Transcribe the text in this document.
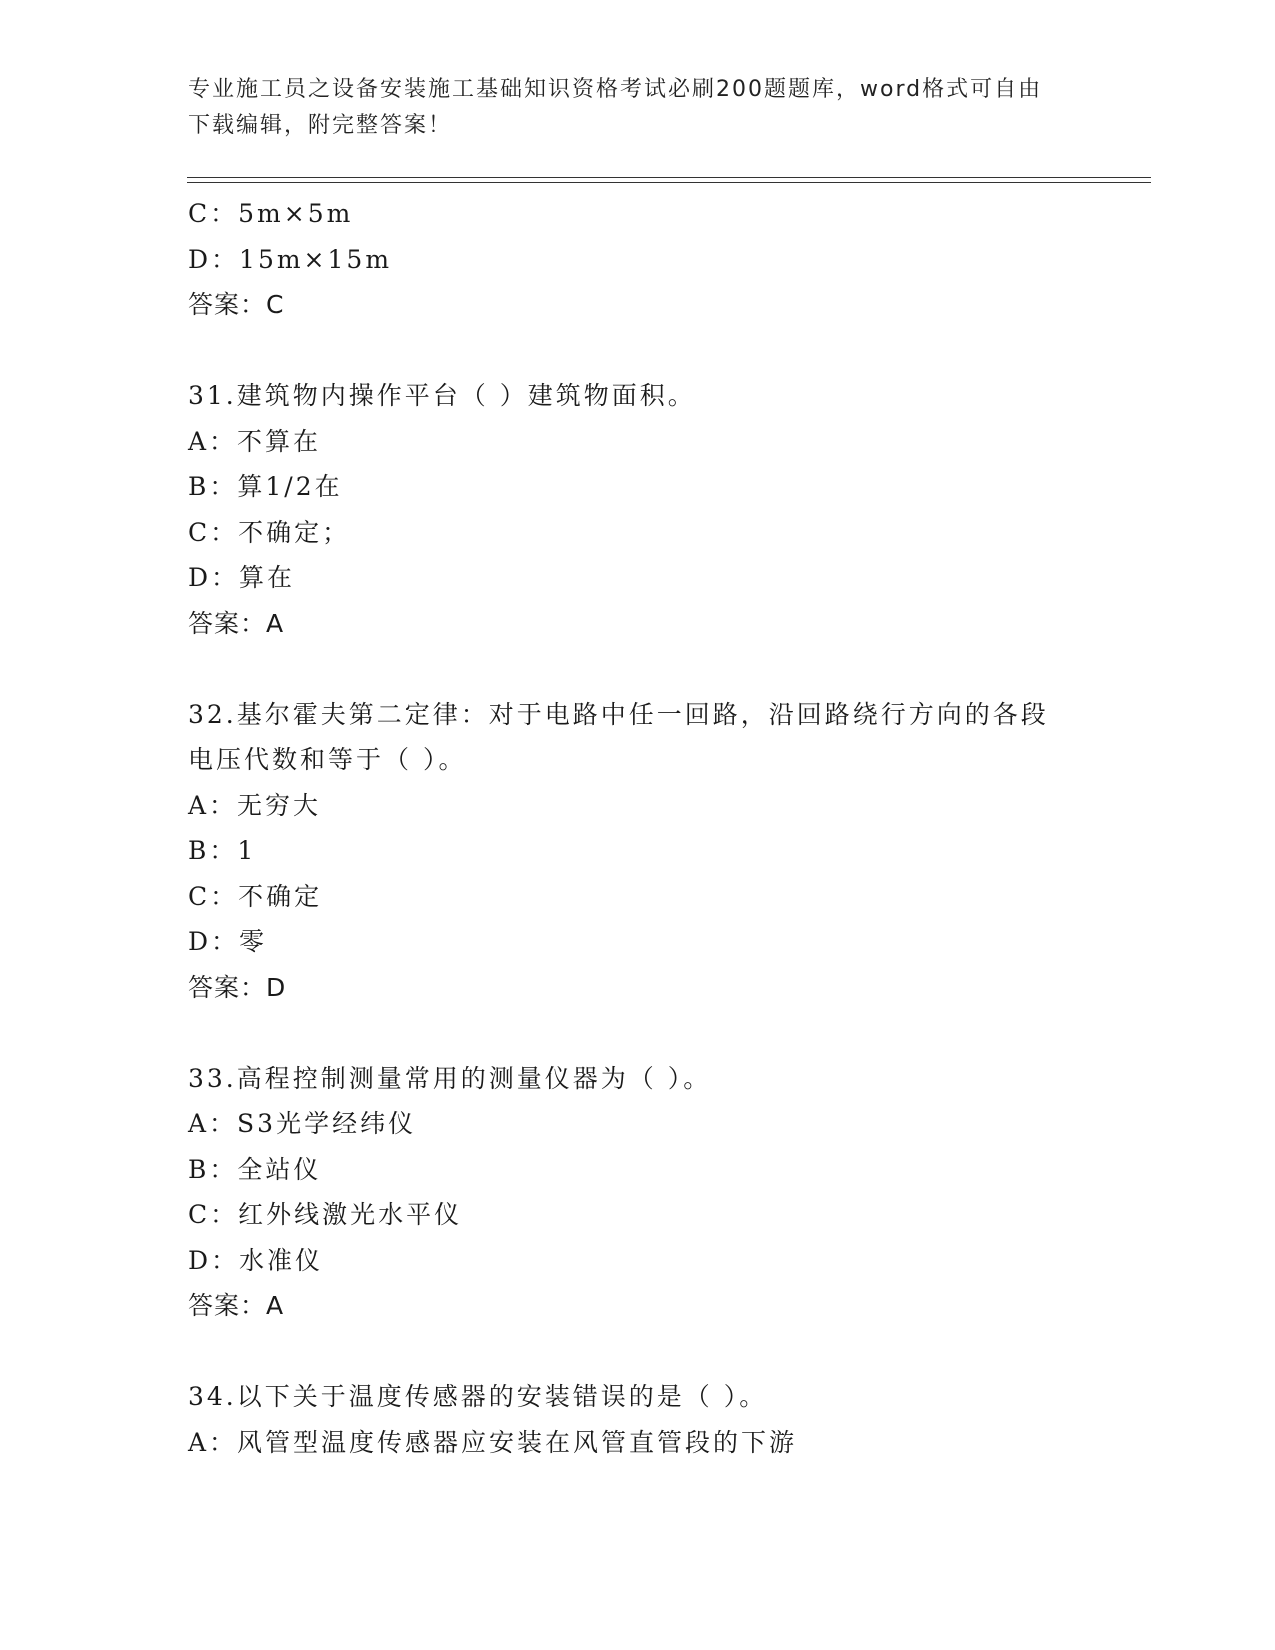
专业施工员之设备安装施工基础知识资格考试必刷200题题库，word格式可自由
下载编辑，附完整答案！
C：5m×5m
D：15m×15m
答案：C
31.建筑物内操作平台（ ）建筑物面积。
A：不算在
B：算1/2在
C：不确定；
D：算在
答案：A
32.基尔霍夫第二定律：对于电路中任一回路，沿回路绕行方向的各段
电压代数和等于（ ）。
A：无穷大
B：1
C：不确定
D：零
答案：D
33.高程控制测量常用的测量仪器为（ ）。
A：S3光学经纬仪
B：全站仪
C：红外线激光水平仪
D：水准仪
答案：A
34.以下关于温度传感器的安装错误的是（ ）。
A：风管型温度传感器应安装在风管直管段的下游
